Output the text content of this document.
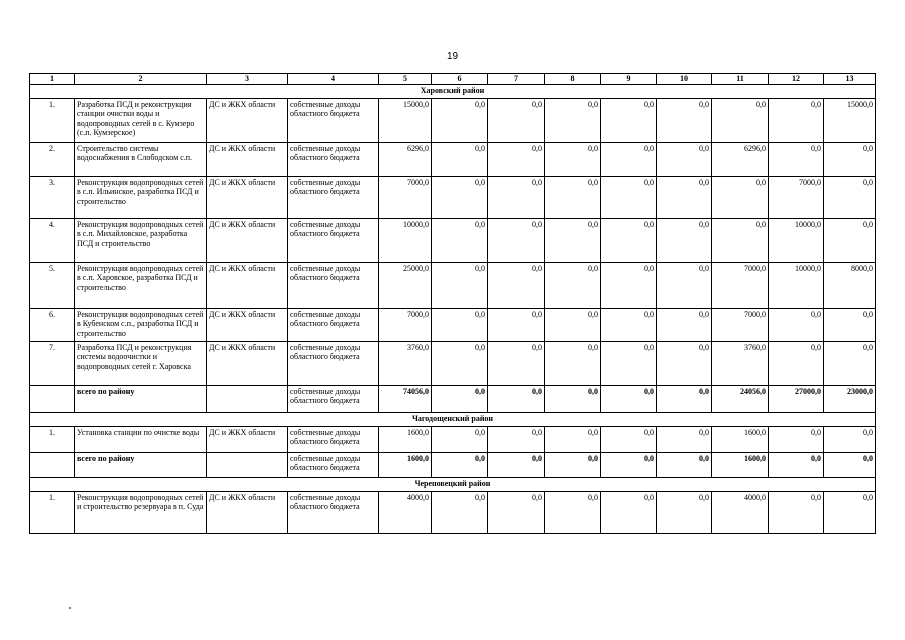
19
1	2	3	4	5	6	7	8	9	10	11	12	13
Харовский район												
1.	Разработка ПСД и реконструкция станции очистки воды и водопроводных сетей в с. Кумзеро (с.п. Кумзерское)	ДС и ЖКХ области	собственные доходы областного бюджета	15000,0	0,0	0,0	0,0	0,0	0,0	0,0	0,0	15000,0
2.	Строительство системы водоснабжения в Слободском с.п.	ДС и ЖКХ области	собственные доходы областного бюджета	6296,0	0,0	0,0	0,0	0,0	0,0	6296,0	0,0	0,0
3.	Реконструкция водопроводных сетей в с.п. Ильинское, разработка ПСД и строительство	ДС и ЖКХ области	собственные доходы областного бюджета	7000,0	0,0	0,0	0,0	0,0	0,0	0,0	7000,0	0,0
4.	Реконструкция водопроводных сетей в с.п. Михайловское, разработка ПСД и строительство	ДС и ЖКХ области	собственные доходы областного бюджета	10000,0	0,0	0,0	0,0	0,0	0,0	0,0	10000,0	0,0
5.	Реконструкция водопроводных сетей в с.п. Харовское, разработка ПСД и строительство	ДС и ЖКХ области	собственные доходы областного бюджета	25000,0	0,0	0,0	0,0	0,0	0,0	7000,0	10000,0	8000,0
6.	Реконструкция водопроводных сетей в Кубенском с.п., разработка ПСД и строительство	ДС и ЖКХ области	собственные доходы областного бюджета	7000,0	0,0	0,0	0,0	0,0	0,0	7000,0	0,0	0,0
7.	Разработка ПСД и реконструкция системы водоочистки и водопроводных сетей г. Харовска	ДС и ЖКХ области	собственные доходы областного бюджета	3760,0	0,0	0,0	0,0	0,0	0,0	3760,0	0,0	0,0
	всего по району		собственные доходы областного бюджета	74056,0	0,0	0,0	0,0	0,0	0,0	24056,0	27000,0	23000,0
Чагодощенский район												
1.	Установка станции по очистке воды	ДС и ЖКХ области	собственные доходы областного бюджета	1600,0	0,0	0,0	0,0	0,0	0,0	1600,0	0,0	0,0
	всего по району		собственные доходы областного бюджета	1600,0	0,0	0,0	0,0	0,0	0,0	1600,0	0,0	0,0
Череповецкий район												
1.	Реконструкция водопроводных сетей и строительство резервуара в п. Суда	ДС и ЖКХ области	собственные доходы областного бюджета	4000,0	0,0	0,0	0,0	0,0	0,0	4000,0	0,0	0,0
